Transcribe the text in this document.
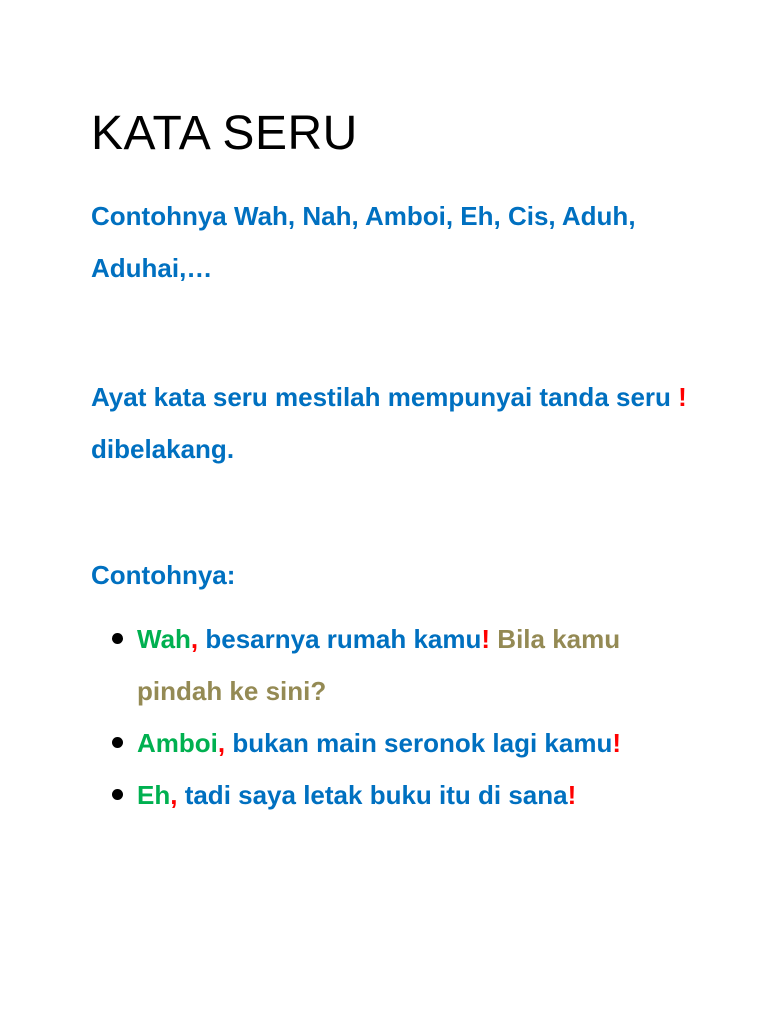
KATA SERU

Contohnya Wah, Nah, Amboi, Eh, Cis, Aduh, Aduhai,…

Ayat kata seru mestilah mempunyai tanda seru ! dibelakang.

Contohnya:

Wah, besarnya rumah kamu! Bila kamu pindah ke sini?
Amboi, bukan main seronok lagi kamu!
Eh, tadi saya letak buku itu di sana!
